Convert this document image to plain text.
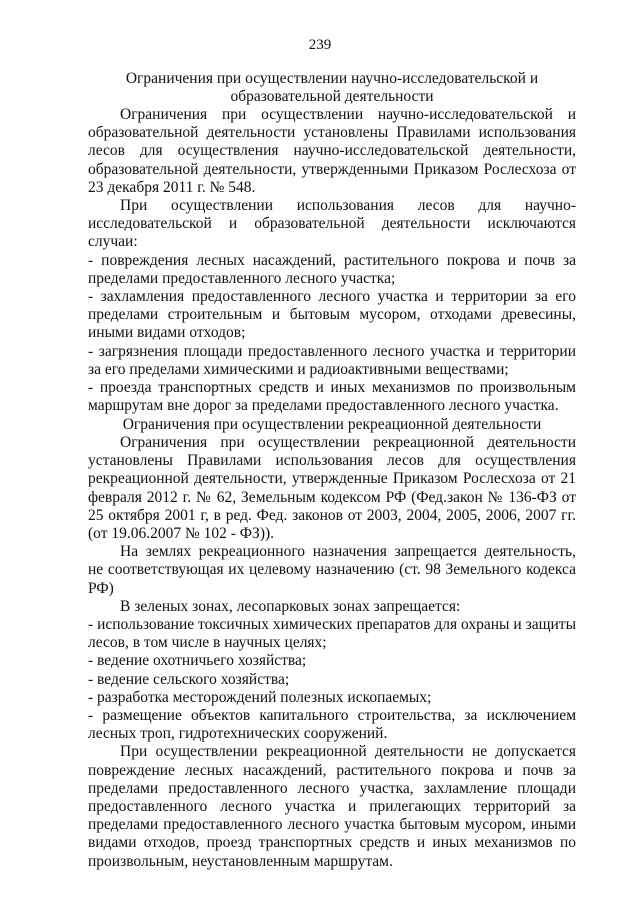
239

Ограничения при осуществлении научно-исследовательской и

образовательной деятельности

Ограничения при осуществлении научно-исследовательской и образовательной деятельности установлены Правилами использования лесов для осуществления научно-исследовательской деятельности, образовательной деятельности, утвержденными Приказом Рослесхоза от 23 декабря 2011 г. № 548.

При осуществлении использования лесов для научно-исследовательской и образовательной деятельности исключаются случаи:

- повреждения лесных насаждений, растительного покрова и почв за пределами предоставленного лесного участка;

- захламления предоставленного лесного участка и территории за его пределами строительным и бытовым мусором, отходами древесины, иными видами отходов;

- загрязнения площади предоставленного лесного участка и территории за его пределами химическими и радиоактивными веществами;

- проезда транспортных средств и иных механизмов по произвольным маршрутам вне дорог за пределами предоставленного лесного участка.

Ограничения при осуществлении рекреационной деятельности

Ограничения при осуществлении рекреационной деятельности установлены Правилами использования лесов для осуществления рекреационной деятельности, утвержденные Приказом Рослесхоза от 21 февраля 2012 г. № 62, Земельным кодексом РФ (Фед.закон № 136-ФЗ от 25 октября 2001 г, в ред. Фед. законов от 2003, 2004, 2005, 2006, 2007 гг. (от 19.06.2007 № 102 - ФЗ)).

На землях рекреационного назначения запрещается деятельность, не соответствующая их целевому назначению (ст. 98 Земельного кодекса РФ)

В зеленых зонах, лесопарковых зонах запрещается:

- использование токсичных химических препаратов для охраны и защиты лесов, в том числе в научных целях;

- ведение охотничьего хозяйства;

- ведение сельского хозяйства;

- разработка месторождений полезных ископаемых;

- размещение объектов капитального строительства, за исключением лесных троп, гидротехнических сооружений.

При осуществлении рекреационной деятельности не допускается повреждение лесных насаждений, растительного покрова и почв за пределами предоставленного лесного участка, захламление площади предоставленного лесного участка и прилегающих территорий за пределами предоставленного лесного участка бытовым мусором, иными видами отходов, проезд транспортных средств и иных механизмов по произвольным, неустановленным маршрутам.
